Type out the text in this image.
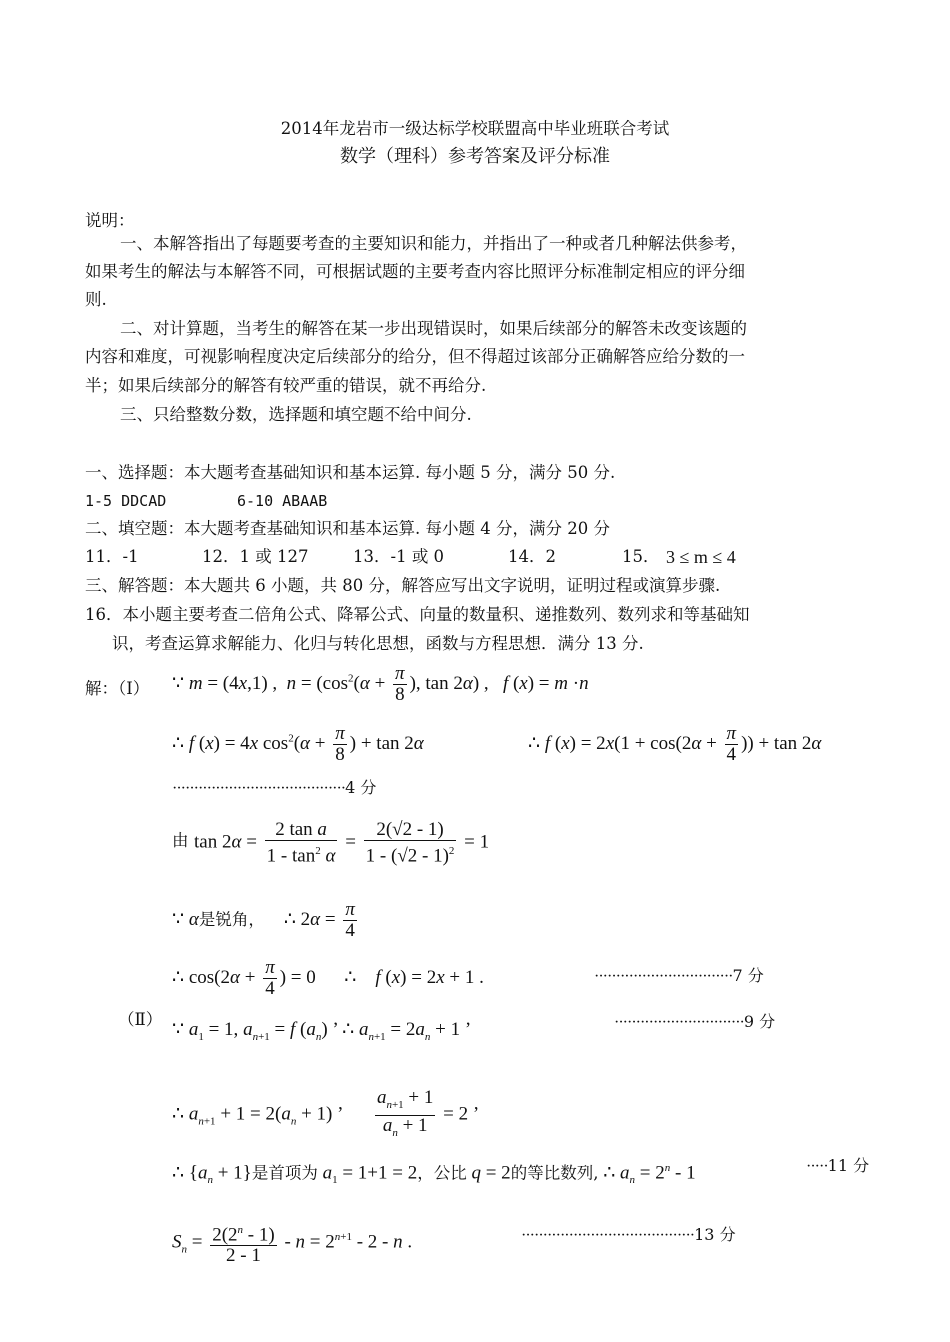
2014年龙岩市一级达标学校联盟高中毕业班联合考试
数学（理科）参考答案及评分标准
说明：
一、本解答指出了每题要考查的主要知识和能力，并指出了一种或者几种解法供参考，
如果考生的解法与本解答不同，可根据试题的主要考查内容比照评分标准制定相应的评分细
则.
二、对计算题，当考生的解答在某一步出现错误时，如果后续部分的解答未改变该题的
内容和难度，可视影响程度决定后续部分的给分，但不得超过该部分正确解答应给分数的一
半；如果后续部分的解答有较严重的错误，就不再给分.
三、只给整数分数，选择题和填空题不给中间分.
一、选择题：本大题考查基础知识和基本运算. 每小题 5 分，满分 50 分.
1-5 DDCAD	6-10 ABAAB
二、填空题：本大题考查基础知识和基本运算. 每小题 4 分，满分 20 分
11．-1	12．1 或 127	13．-1 或 0	14．2	15． 3 ≤ m ≤ 4
三、解答题：本大题共 6 小题，共 80 分，解答应写出文字说明，证明过程或演算步骤.
16．本小题主要考查二倍角公式、降幂公式、向量的数量积、递推数列、数列求和等基础知
识，考查运算求解能力、化归与转化思想，函数与方程思想．满分 13 分.
解：（Ⅰ） ∵ m = (4x,1) ,  $n = (\cos^2(\alpha + \frac{\pi}{8}$ ), tan 2α) ,   f (x) = m ·n
∴ f (x) = 4x $\cos^2(\alpha + \frac{\pi}{8}$ ) + tan 2α	∴ f $(x) = 2x(1 + \cos(2\alpha + \frac{\pi}{4}$ )) + tan 2α
········································4 分
由 $\tan 2\alpha = \frac{\text{2 tan a}}{1 - \tan^2 \alpha} = \frac{2(√2 - 1)}{1 - (√2 - 1)^2} = 1$
∵ α是锐角，    ∴ $2\alpha = \frac{\pi}{4}$
∴ $\cos(2\alpha + \frac{\pi}{4}$ ) = 0      ∴    f (x) = 2x + 1 .	································7 分
（Ⅱ） ∵ $a_1 = 1$, $a_{n+1} = f$ $(a_n)$ ’ ∴ $a_{n+1} = 2a_n + 1$ ’	······························9 分
∴ $a_{n+1} + 1 = 2(a_n + 1)$ ’ $\frac{a_{n+1} + 1}{a_n + 1} = 2$ ’
∴ $\{a_n + 1\}$是首项为 $a_1 = 1+1 = 2$，公比 q = 2的等比数列, ∴ $a_n = 2^n - 1$	·····11 分
$S_n = \frac{2(2^n - 1)}{2 - 1} - n = 2^{n+1} - 2 - n$ .	········································13 分
